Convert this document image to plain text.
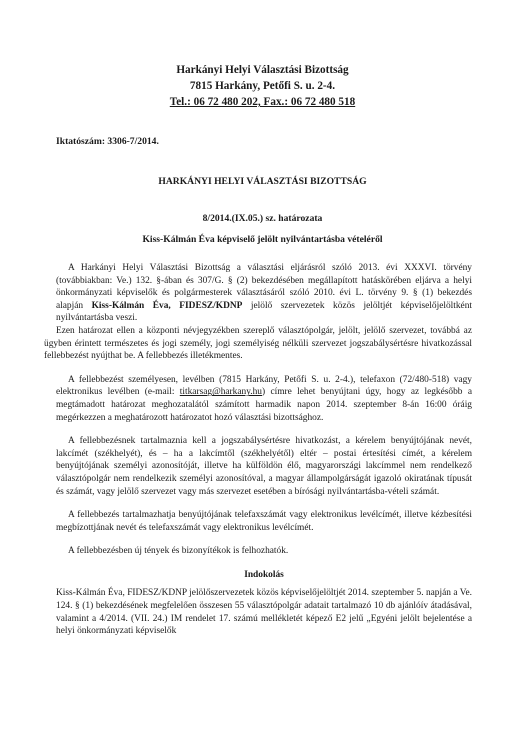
Harkányi Helyi Választási Bizottság
7815 Harkány, Petőfi S. u. 2-4.
Tel.: 06 72 480 202, Fax.: 06 72 480 518
Iktatószám: 3306-7/2014.
HARKÁNYI HELYI VÁLASZTÁSI BIZOTTSÁG
8/2014.(IX.05.) sz. határozata
Kiss-Kálmán Éva képviselő jelölt nyilvántartásba vételéről

A Harkányi Helyi Választási Bizottság a választási eljárásról szóló 2013. évi XXXVI. törvény (továbbiakban: Ve.) 132. §-ában és 307/G. § (2) bekezdésében megállapított hatáskörében eljárva a helyi önkormányzati képviselők és polgármesterek választásáról szóló 2010. évi L. törvény 9. § (1) bekezdés alapján Kiss-Kálmán Éva, FIDESZ/KDNP jelölő szervezetek közös jelöltjét képviselőjelöltként nyilvántartásba veszi.
Ezen határozat ellen a központi névjegyzékben szereplő választópolgár, jelölt, jelölő szervezet, továbbá az ügyben érintett természetes és jogi személy, jogi személyiség nélküli szervezet jogszabálysértésre hivatkozással fellebbezést nyújthat be. A fellebbezés illetékmentes.

A fellebbezést személyesen, levélben (7815 Harkány, Petőfi S. u. 2-4.), telefaxon (72/480-518) vagy elektronikus levélben (e-mail: titkarsag@harkany.hu) címre lehet benyújtani úgy, hogy az legkésőbb a megtámadott határozat meghozatalától számított harmadik napon 2014. szeptember 8-án 16:00 óráig megérkezzen a meghatározott határozatot hozó választási bizottsághoz.

A fellebbezésnek tartalmaznia kell a jogszabálysértésre hivatkozást, a kérelem benyújtójának nevét, lakcímét (székhelyét), és – ha a lakcímtől (székhelyétől) eltér – postai értesítési címét, a kérelem benyújtójának személyi azonosítóját, illetve ha külföldön élő, magyarországi lakcímmel nem rendelkező választópolgár nem rendelkezik személyi azonosítóval, a magyar állampolgárságát igazoló okiratának típusát és számát, vagy jelölő szervezet vagy más szervezet esetében a bírósági nyilvántartásba-vételi számát.

A fellebbezés tartalmazhatja benyújtójának telefaxszámát vagy elektronikus levélcímét, illetve kézbesítési megbízottjának nevét és telefaxszámát vagy elektronikus levélcímét.

A fellebbezésben új tények és bizonyítékok is felhozhatók.

Indokolás

Kiss-Kálmán Éva, FIDESZ/KDNP jelölőszervezetek közös képviselőjelöltjét 2014. szeptember 5. napján a Ve. 124. § (1) bekezdésének megfelelően összesen 55 választópolgár adatait tartalmazó 10 db ajánlóív átadásával, valamint a 4/2014. (VII. 24.) IM rendelet 17. számú mellékletét képező E2 jelű „Egyéni jelölt bejelentése a helyi önkormányzati képviselők
